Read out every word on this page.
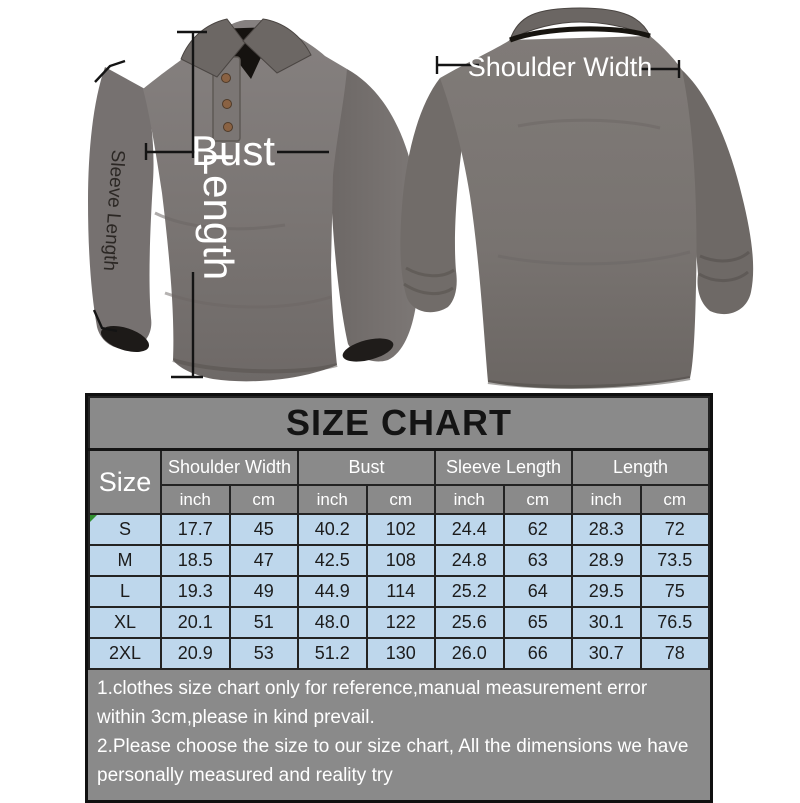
Bust
Length
Sleeve Length
Shoulder Width
SIZE CHART								
Size	Shoulder Width		Bust		Sleeve Length		Length	
	inch	cm	inch	cm	inch	cm	inch	cm

S	17.7	45	40.2	102	24.4	62	28.3	72
M	18.5	47	42.5	108	24.8	63	28.9	73.5
L	19.3	49	44.9	114	25.2	64	29.5	75
XL	20.1	51	48.0	122	25.6	65	30.1	76.5
2XL	20.9	53	51.2	130	26.0	66	30.7	78

1.clothes size chart only for reference,manual measurement error within 3cm,please in kind prevail.

2.Please choose the size to our size chart, All the dimensions we have personally measured and reality try
